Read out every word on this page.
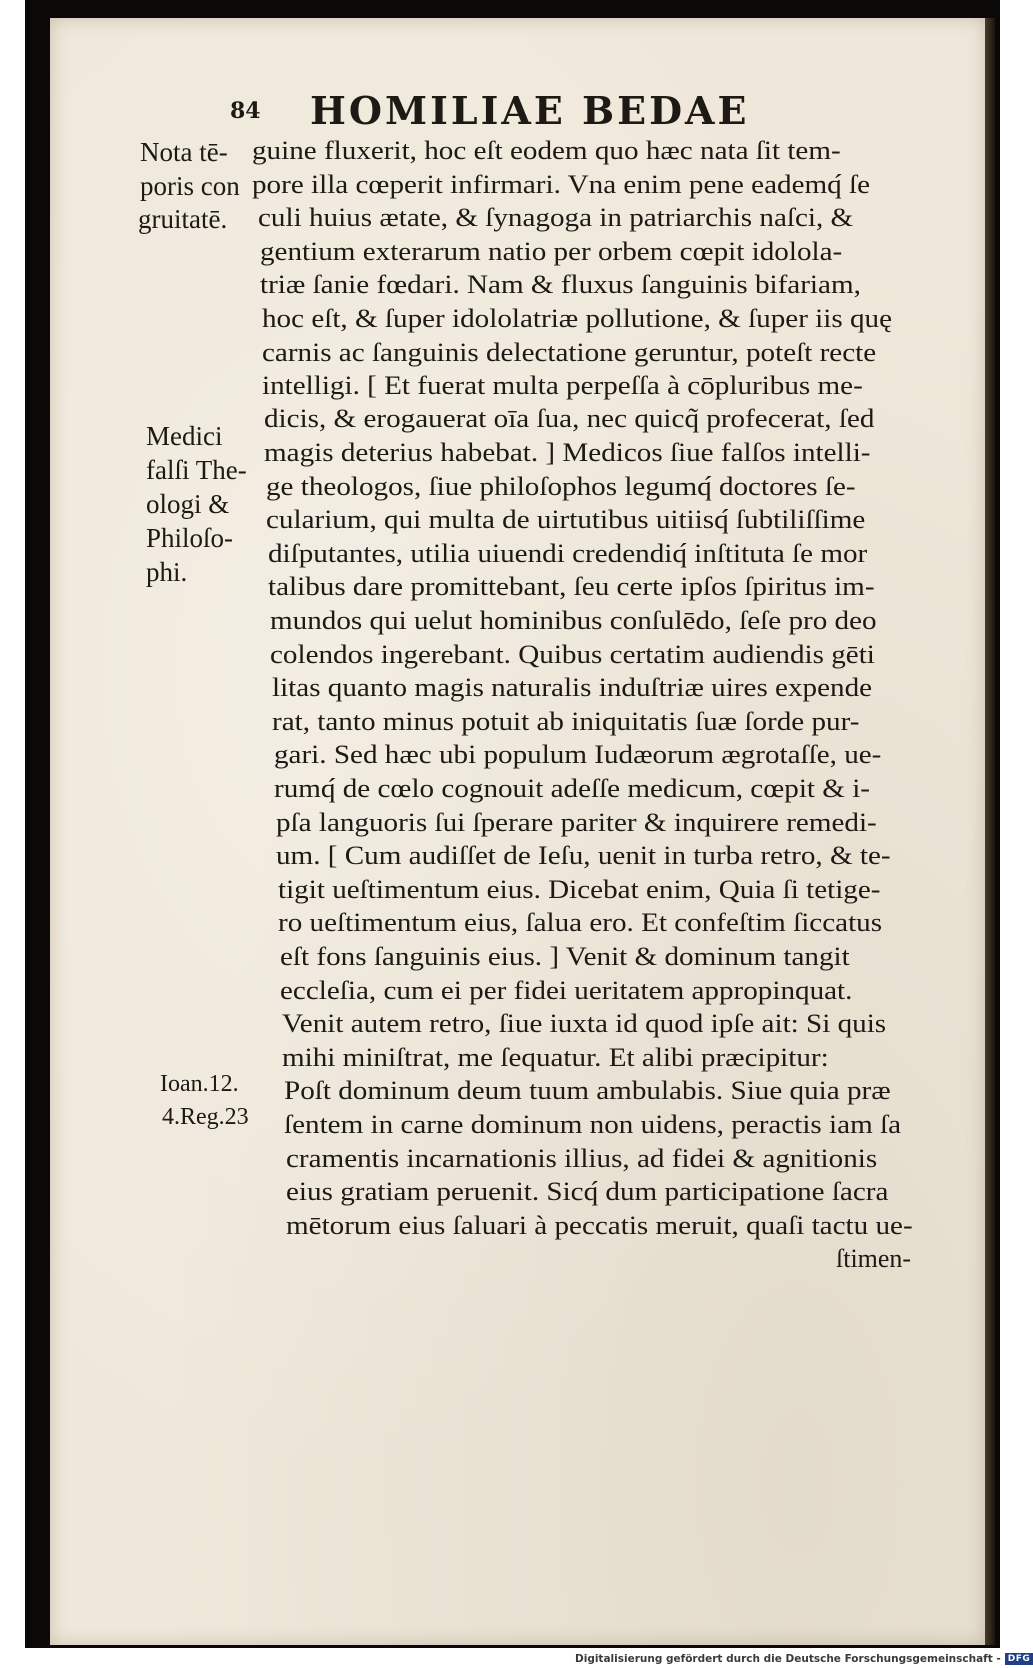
84 HOMILIAE BEDAE
Nota tē-
poris con
gruitatē.
Medici
falſi The-
ologi &
Philoſo-
phi.
Ioan.12.
4.Reg.23
guine fluxerit, hoc eſt eodem quo hæc nata ſit tem-
pore illa cœperit infirmari. Vna enim pene eademq́ ſe
culi huius ætate, & ſynagoga in patriarchis naſci, &
gentium exterarum natio per orbem cœpit idolola-
triæ ſanie fœdari. Nam & fluxus ſanguinis bifariam,
hoc eſt, & ſuper idololatriæ pollutione, & ſuper iis quę
carnis ac ſanguinis delectatione geruntur, poteſt recte
intelligi. [ Et fuerat multa perpeſſa à cōpluribus me-
dicis, & erogauerat oīa ſua, nec quicq̃ profecerat, ſed
magis deterius habebat. ] Medicos ſiue falſos intelli-
ge theologos, ſiue philoſophos legumq́ doctores ſe-
cularium, qui multa de uirtutibus uitiisq́ ſubtiliſſime
diſputantes, utilia uiuendi credendiq́ inſtituta ſe mor
talibus dare promittebant, ſeu certe ipſos ſpiritus im-
mundos qui uelut hominibus conſulēdo, ſeſe pro deo
colendos ingerebant. Quibus certatim audiendis gēti
litas quanto magis naturalis induſtriæ uires expende
rat, tanto minus potuit ab iniquitatis ſuæ ſorde pur-
gari. Sed hæc ubi populum Iudæorum ægrotaſſe, ue-
rumq́ de cœlo cognouit adeſſe medicum, cœpit & i-
pſa languoris ſui ſperare pariter & inquirere remedi-
um. [ Cum audiſſet de Ieſu, uenit in turba retro, & te-
tigit ueſtimentum eius. Dicebat enim, Quia ſi tetige-
ro ueſtimentum eius, ſalua ero. Et confeſtim ſiccatus
eſt fons ſanguinis eius. ] Venit & dominum tangit
eccleſia, cum ei per fidei ueritatem appropinquat.
Venit autem retro, ſiue iuxta id quod ipſe ait: Si quis
mihi miniſtrat, me ſequatur. Et alibi præcipitur:
Poſt dominum deum tuum ambulabis. Siue quia præ
ſentem in carne dominum non uidens, peractis iam ſa
cramentis incarnationis illius, ad fidei & agnitionis
eius gratiam peruenit. Sicq́ dum participatione ſacra
mētorum eius ſaluari à peccatis meruit, quaſi tactu ue-
ſtimen-
Digitalisierung gefördert durch die Deutsche Forschungsgemeinschaft - DFG
